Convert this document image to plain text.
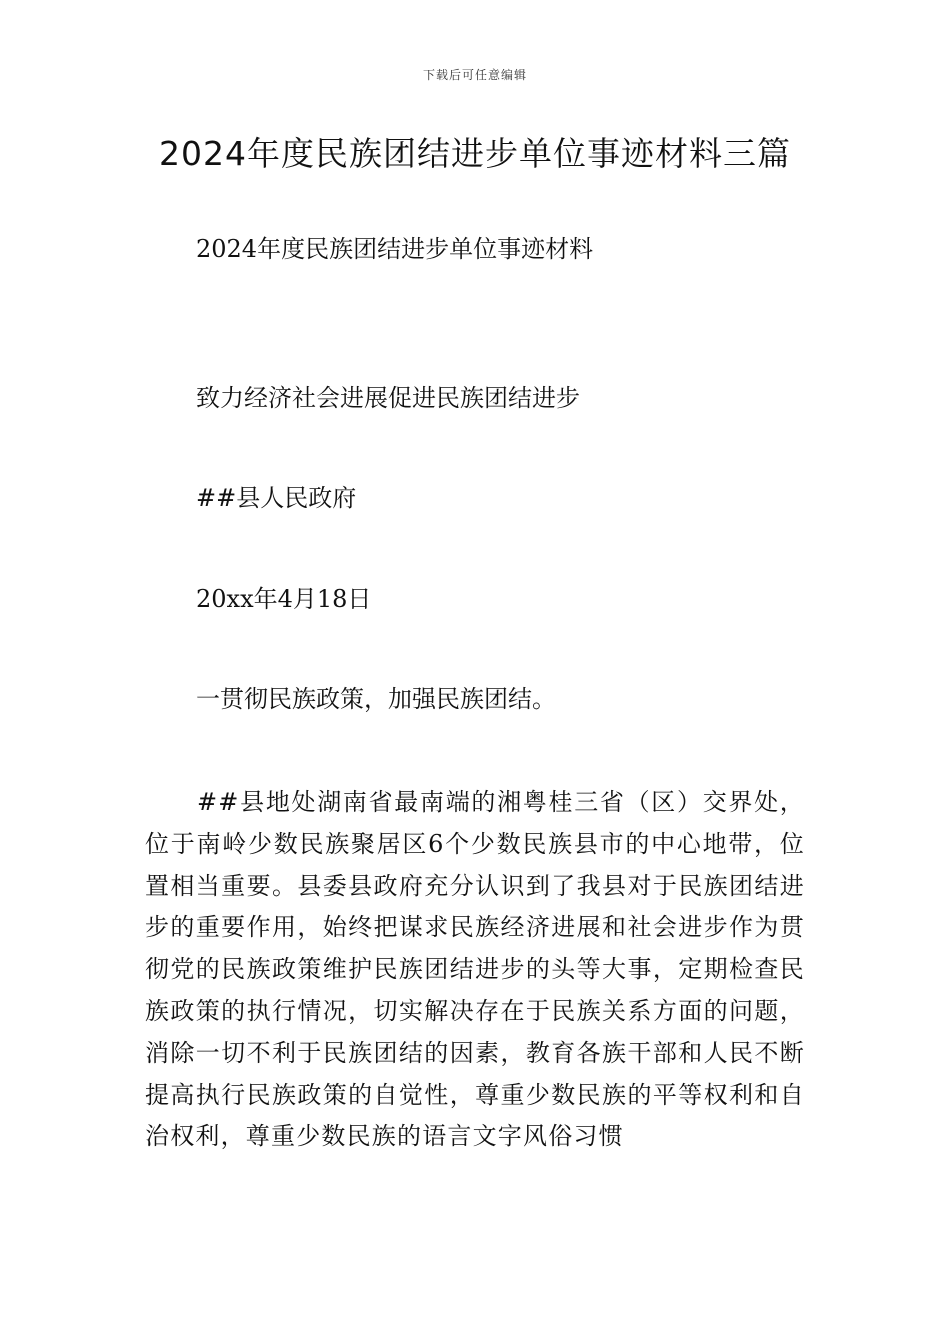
下载后可任意编辑
2024年度民族团结进步单位事迹材料三篇
2024年度民族团结进步单位事迹材料
致力经济社会进展促进民族团结进步
##县人民政府
20xx年4月18日
一贯彻民族政策，加强民族团结。

##县地处湖南省最南端的湘粤桂三省（区）交界处，位于南岭少数民族聚居区6个少数民族县市的中心地带，位置相当重要。县委县政府充分认识到了我县对于民族团结进步的重要作用，始终把谋求民族经济进展和社会进步作为贯彻党的民族政策维护民族团结进步的头等大事，定期检查民族政策的执行情况，切实解决存在于民族关系方面的问题，消除一切不利于民族团结的因素，教育各族干部和人民不断提高执行民族政策的自觉性，尊重少数民族的平等权利和自治权利，尊重少数民族的语言文字风俗习惯
